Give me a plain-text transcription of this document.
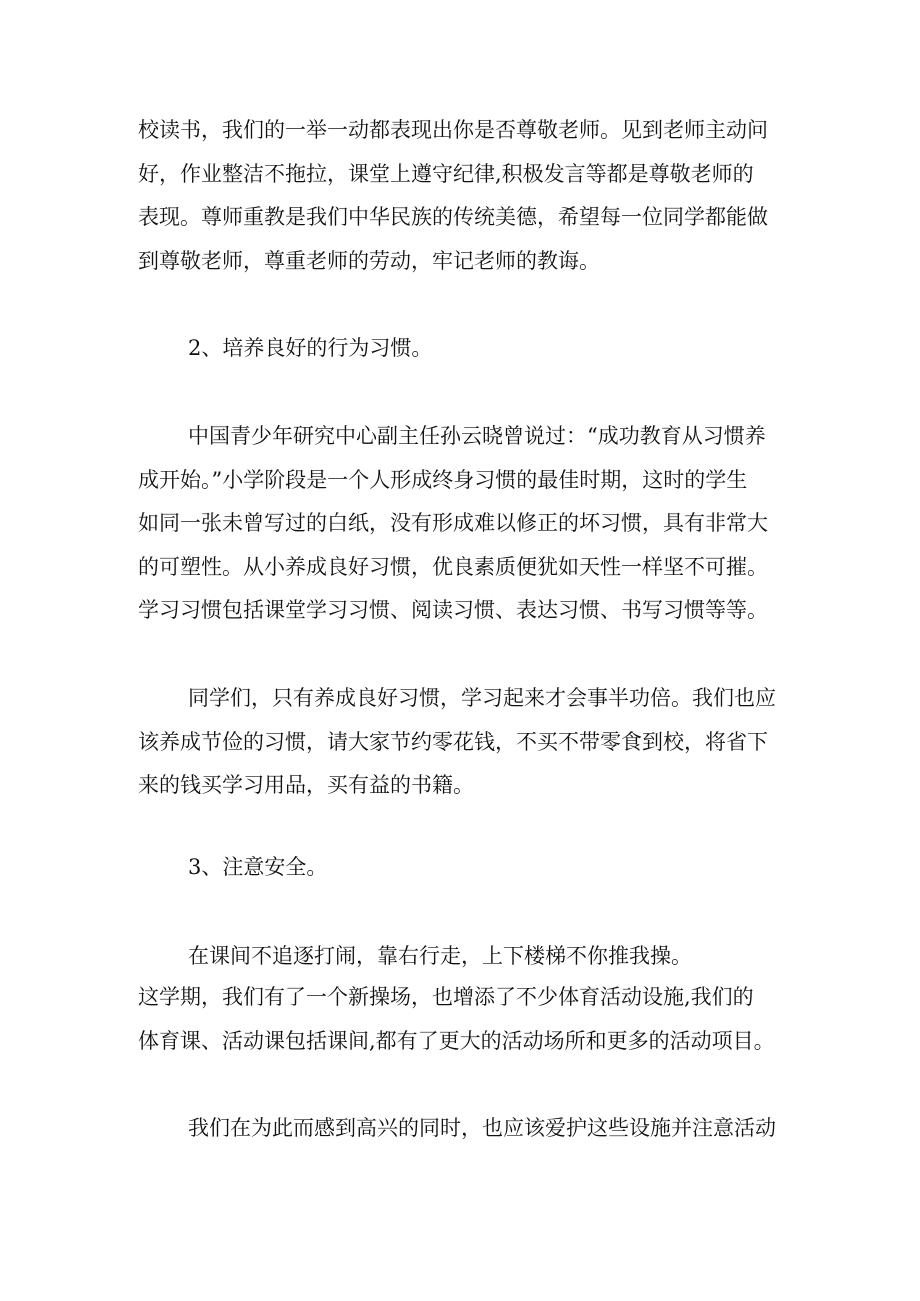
校读书，我们的一举一动都表现出你是否尊敬老师。见到老师主动问
好，作业整洁不拖拉，课堂上遵守纪律,积极发言等都是尊敬老师的
表现。尊师重教是我们中华民族的传统美德，希望每一位同学都能做
到尊敬老师，尊重老师的劳动，牢记老师的教诲。

2、培养良好的行为习惯。

中国青少年研究中心副主任孙云晓曾说过：“成功教育从习惯养
成开始。”小学阶段是一个人形成终身习惯的最佳时期，这时的学生
如同一张未曾写过的白纸，没有形成难以修正的坏习惯，具有非常大
的可塑性。从小养成良好习惯，优良素质便犹如天性一样坚不可摧。
学习习惯包括课堂学习习惯、阅读习惯、表达习惯、书写习惯等等。

同学们，只有养成良好习惯，学习起来才会事半功倍。我们也应
该养成节俭的习惯，请大家节约零花钱，不买不带零食到校，将省下
来的钱买学习用品，买有益的书籍。

3、注意安全。

在课间不追逐打闹，靠右行走，上下楼梯不你推我操。

这学期，我们有了一个新操场，也增添了不少体育活动设施,我们的
体育课、活动课包括课间,都有了更大的活动场所和更多的活动项目。

我们在为此而感到高兴的同时，也应该爱护这些设施并注意活动
